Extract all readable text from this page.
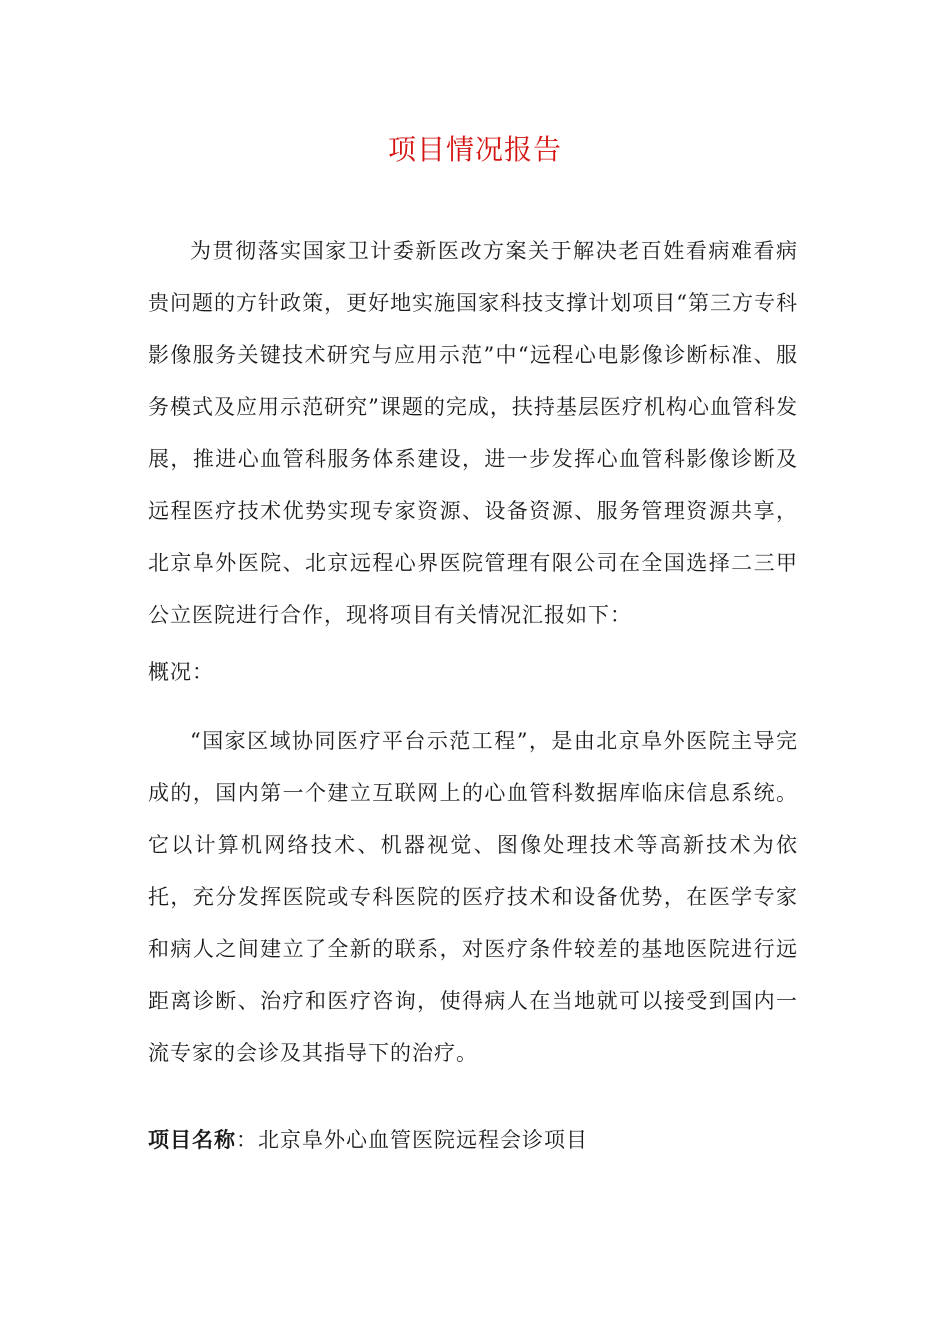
项目情况报告

为贯彻落实国家卫计委新医改方案关于解决老百姓看病难看病贵问题的方针政策，更好地实施国家科技支撑计划项目“第三方专科影像服务关键技术研究与应用示范”中“远程心电影像诊断标准、服务模式及应用示范研究”课题的完成，扶持基层医疗机构心血管科发展，推进心血管科服务体系建设，进一步发挥心血管科影像诊断及远程医疗技术优势实现专家资源、设备资源、服务管理资源共享，北京阜外医院、北京远程心界医院管理有限公司在全国选择二三甲公立医院进行合作，现将项目有关情况汇报如下：

概况：

“国家区域协同医疗平台示范工程”，是由北京阜外医院主导完成的，国内第一个建立互联网上的心血管科数据库临床信息系统。它以计算机网络技术、机器视觉、图像处理技术等高新技术为依托，充分发挥医院或专科医院的医疗技术和设备优势，在医学专家和病人之间建立了全新的联系，对医疗条件较差的基地医院进行远距离诊断、治疗和医疗咨询，使得病人在当地就可以接受到国内一流专家的会诊及其指导下的治疗。

项目名称：北京阜外心血管医院远程会诊项目
